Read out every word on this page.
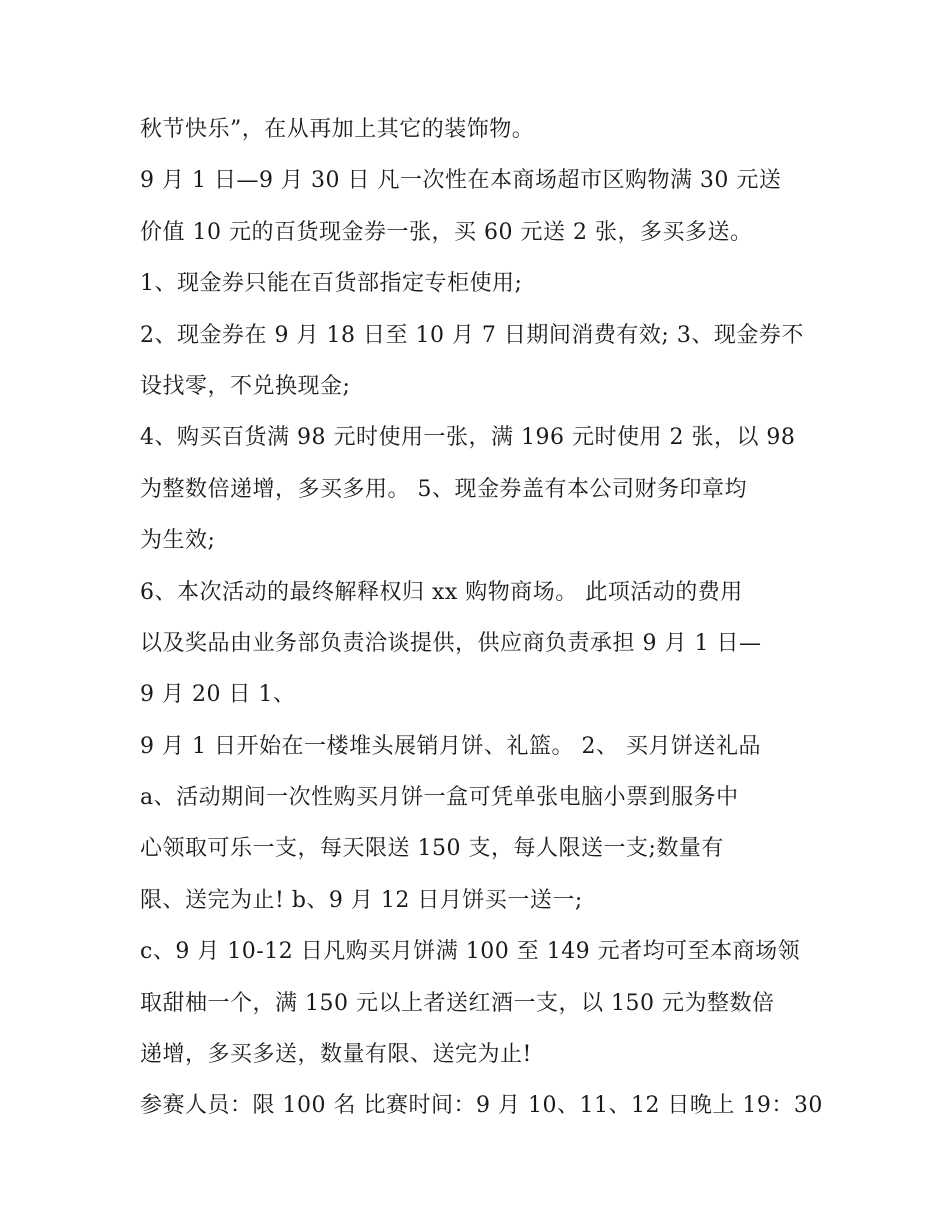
秋节快乐”，在从再加上其它的装饰物。
9 月 1 日—9 月 30 日 凡一次性在本商场超市区购物满 30 元送
价值 10 元的百货现金券一张，买 60 元送 2 张，多买多送。
1、现金券只能在百货部指定专柜使用;
2、现金券在 9 月 18 日至 10 月 7 日期间消费有效; 3、现金券不
设找零，不兑换现金;
4、购买百货满 98 元时使用一张，满 196 元时使用 2 张，以 98
为整数倍递增，多买多用。 5、现金券盖有本公司财务印章均
为生效;
6、本次活动的最终解释权归 xx 购物商场。 此项活动的费用
以及奖品由业务部负责洽谈提供，供应商负责承担 9 月 1 日—
9 月 20 日 1、
9 月 1 日开始在一楼堆头展销月饼、礼篮。 2、 买月饼送礼品
a、活动期间一次性购买月饼一盒可凭单张电脑小票到服务中
心领取可乐一支，每天限送 150 支，每人限送一支;数量有
限、送完为止! b、9 月 12 日月饼买一送一;
c、9 月 10-12 日凡购买月饼满 100 至 149 元者均可至本商场领
取甜柚一个，满 150 元以上者送红酒一支，以 150 元为整数倍
递增，多买多送，数量有限、送完为止!
参赛人员：限 100 名 比赛时间：9 月 10、11、12 日晚上 19：30
